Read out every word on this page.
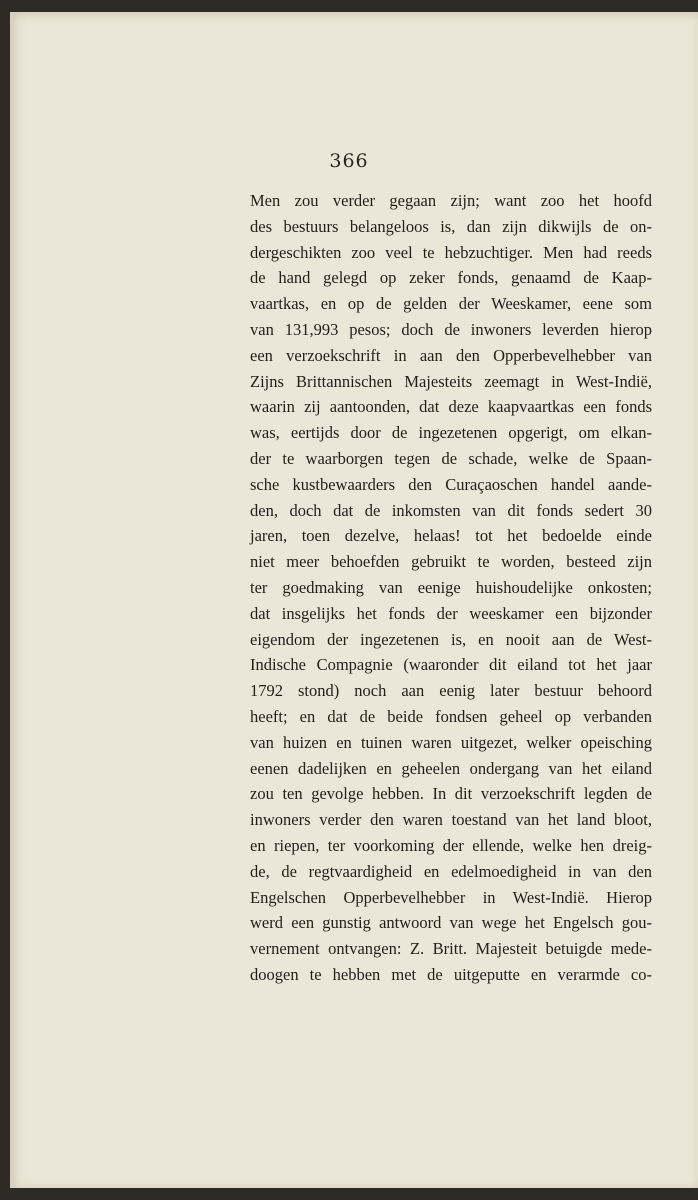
366
Men zou verder gegaan zijn; want zoo het hoofd
des bestuurs belangeloos is, dan zijn dikwijls de on-
dergeschikten zoo veel te hebzuchtiger. Men had reeds
de hand gelegd op zeker fonds, genaamd de Kaap-
vaartkas, en op de gelden der Weeskamer, eene som
van 131,993 pesos; doch de inwoners leverden hierop
een verzoekschrift in aan den Opperbevelhebber van
Zijns Brittannischen Majesteits zeemagt in West-Indië,
waarin zij aantoonden, dat deze kaapvaartkas een fonds
was, eertijds door de ingezetenen opgerigt, om elkan-
der te waarborgen tegen de schade, welke de Spaan-
sche kustbewaarders den Curaçaoschen handel aande-
den, doch dat de inkomsten van dit fonds sedert 30
jaren, toen dezelve, helaas! tot het bedoelde einde
niet meer behoefden gebruikt te worden, besteed zijn
ter goedmaking van eenige huishoudelijke onkosten;
dat insgelijks het fonds der weeskamer een bijzonder
eigendom der ingezetenen is, en nooit aan de West-
Indische Compagnie (waaronder dit eiland tot het jaar
1792 stond) noch aan eenig later bestuur behoord
heeft; en dat de beide fondsen geheel op verbanden
van huizen en tuinen waren uitgezet, welker opeisching
eenen dadelijken en geheelen ondergang van het eiland
zou ten gevolge hebben. In dit verzoekschrift legden de
inwoners verder den waren toestand van het land bloot,
en riepen, ter voorkoming der ellende, welke hen dreig-
de, de regtvaardigheid en edelmoedigheid in van den
Engelschen Opperbevelhebber in West-Indië. Hierop
werd een gunstig antwoord van wege het Engelsch gou-
vernement ontvangen: Z. Britt. Majesteit betuigde mede-
doogen te hebben met de uitgeputte en verarmde co-
